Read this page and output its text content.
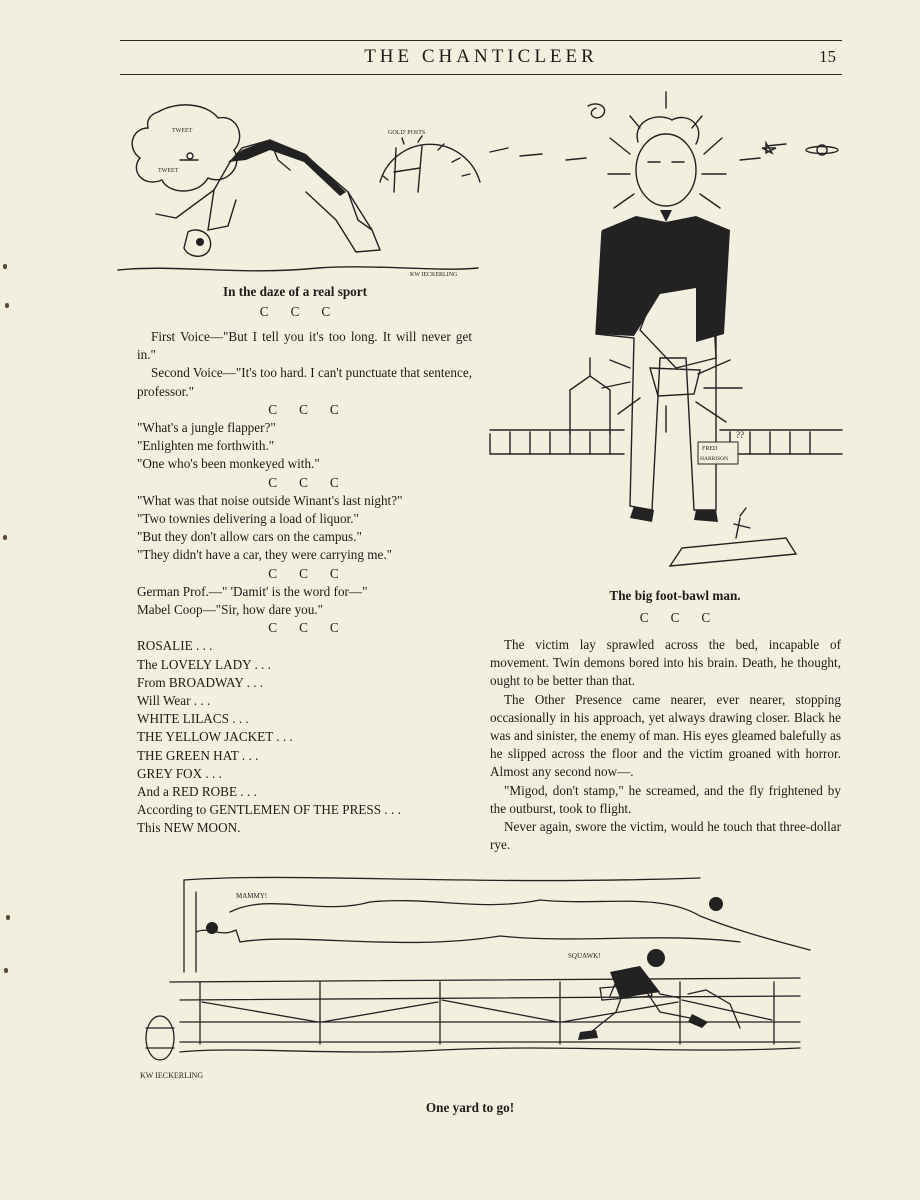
THE CHANTICLEER	15
TWEET
TWEET
GOLD' POSTS
KW IECKERLING
In the daze of a real sport
C C C
FRED
HARRISON
??
The big foot-bawl man.
C C C

First Voice—"But I tell you it's too long. It will never get in."

Second Voice—"It's too hard. I can't punctuate that sentence, professor."

C C C

"What's a jungle flapper?"

"Enlighten me forthwith."

"One who's been monkeyed with."

C C C

"What was that noise outside Winant's last night?"

"Two townies delivering a load of liquor."

"But they don't allow cars on the campus."

"They didn't have a car, they were carrying me."

C C C

German Prof.—" 'Damit' is the word for—"

Mabel Coop—"Sir, how dare you."

C C C

ROSALIE . . .

The LOVELY LADY . . .

From BROADWAY . . .

Will Wear . . .

WHITE LILACS . . .

THE YELLOW JACKET . . .

THE GREEN HAT . . .

GREY FOX . . .

And a RED ROBE . . .

According to GENTLEMEN OF THE PRESS . . .

This NEW MOON.

The victim lay sprawled across the bed, incapable of movement. Twin demons bored into his brain. Death, he thought, ought to be better than that.

The Other Presence came nearer, ever nearer, stopping occasionally in his approach, yet always drawing closer. Black he was and sinister, the enemy of man. His eyes gleamed balefully as he slipped across the floor and the victim groaned with horror. Almost any second now—.

"Migod, don't stamp," he screamed, and the fly frightened by the outburst, took to flight.

Never again, swore the victim, would he touch that three-dollar rye.

MAMMY!
SQUAWK!
KW IECKERLING
One yard to go!
